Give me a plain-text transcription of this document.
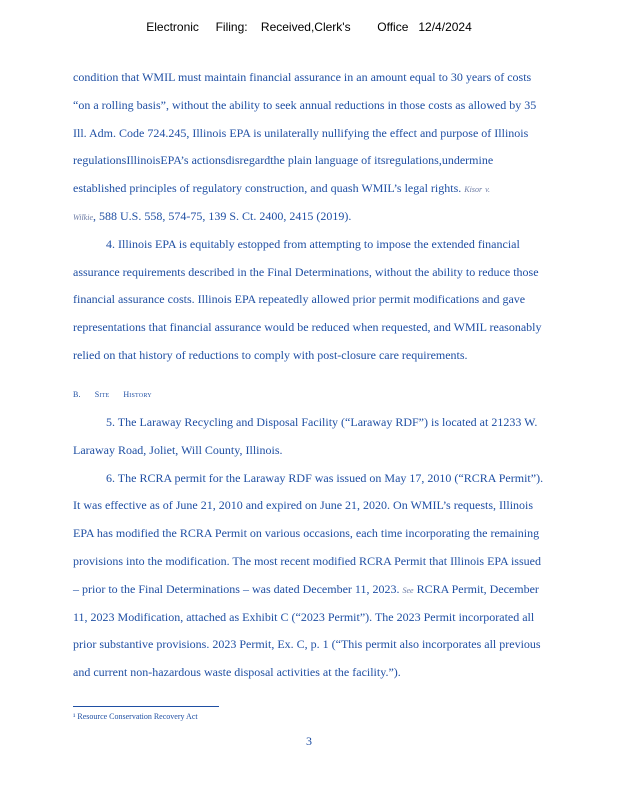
Electronic     Filing:    Received,Clerk's        Office   12/4/2024
condition that WMIL must maintain financial assurance in an amount equal to 30 years of costs
“on a rolling basis”, without the ability to seek annual reductions in those costs as allowed by 35
Ill. Adm. Code 724.245, Illinois EPA is unilaterally nullifying the effect and purpose of Illinois
regulationsIllinoisEPA’s actionsdisregardthe plain language of itsregulations,undermine
established principles of regulatory construction, and quash WMIL’s legal rights. Kisor v.
Wilkie, 588 U.S. 558, 574-75, 139 S. Ct. 2400, 2415 (2019).
4. Illinois EPA is equitably estopped from attempting to impose the extended financial
assurance requirements described in the Final Determinations, without the ability to reduce those
financial assurance costs. Illinois EPA repeatedly allowed prior permit modifications and gave
representations that financial assurance would be reduced when requested, and WMIL reasonably
relied on that history of reductions to comply with post-closure care requirements.
B. Site History
5. The Laraway Recycling and Disposal Facility (“Laraway RDF”) is located at 21233 W.
Laraway Road, Joliet, Will County, Illinois.
6. The RCRA permit for the Laraway RDF was issued on May 17, 2010 (“RCRA Permit”).
It was effective as of June 21, 2010 and expired on June 21, 2020. On WMIL’s requests, Illinois
EPA has modified the RCRA Permit on various occasions, each time incorporating the remaining
provisions into the modification. The most recent modified RCRA Permit that Illinois EPA issued
– prior to the Final Determinations – was dated December 11, 2023. See RCRA Permit, December
11, 2023 Modification, attached as Exhibit C (“2023 Permit”). The 2023 Permit incorporated all
prior substantive provisions. 2023 Permit, Ex. C, p. 1 (“This permit also incorporates all previous
and current non-hazardous waste disposal activities at the facility.”).
¹ Resource Conservation Recovery Act
3
